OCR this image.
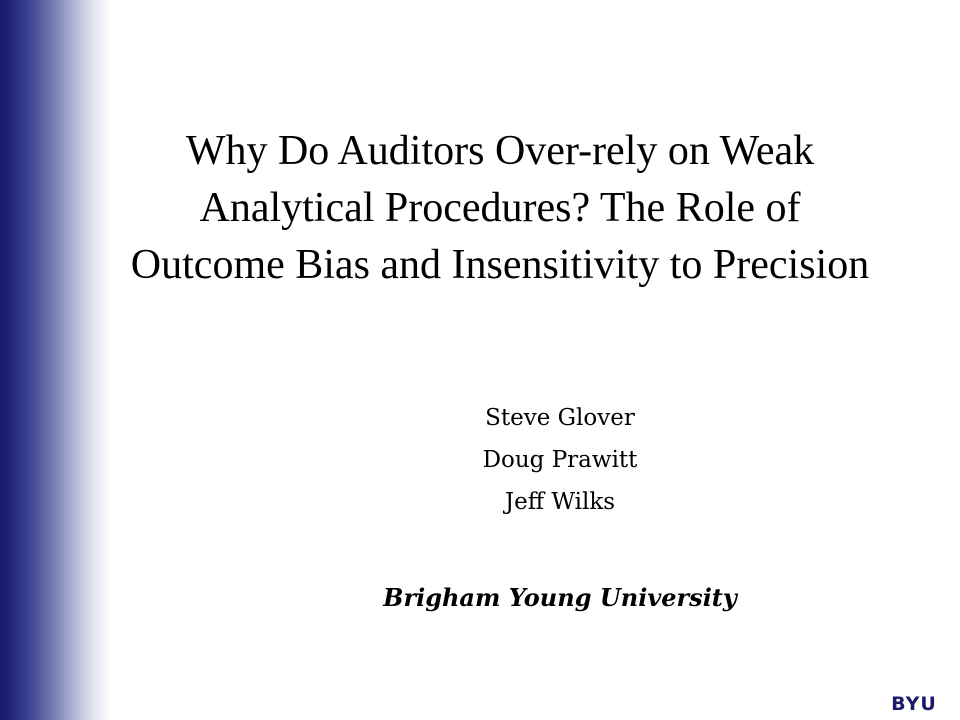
Why Do Auditors Over-rely on Weak
Analytical Procedures? The Role of
Outcome Bias and Insensitivity to Precision
Steve Glover
Doug Prawitt
Jeff Wilks
Brigham Young University
BYU
